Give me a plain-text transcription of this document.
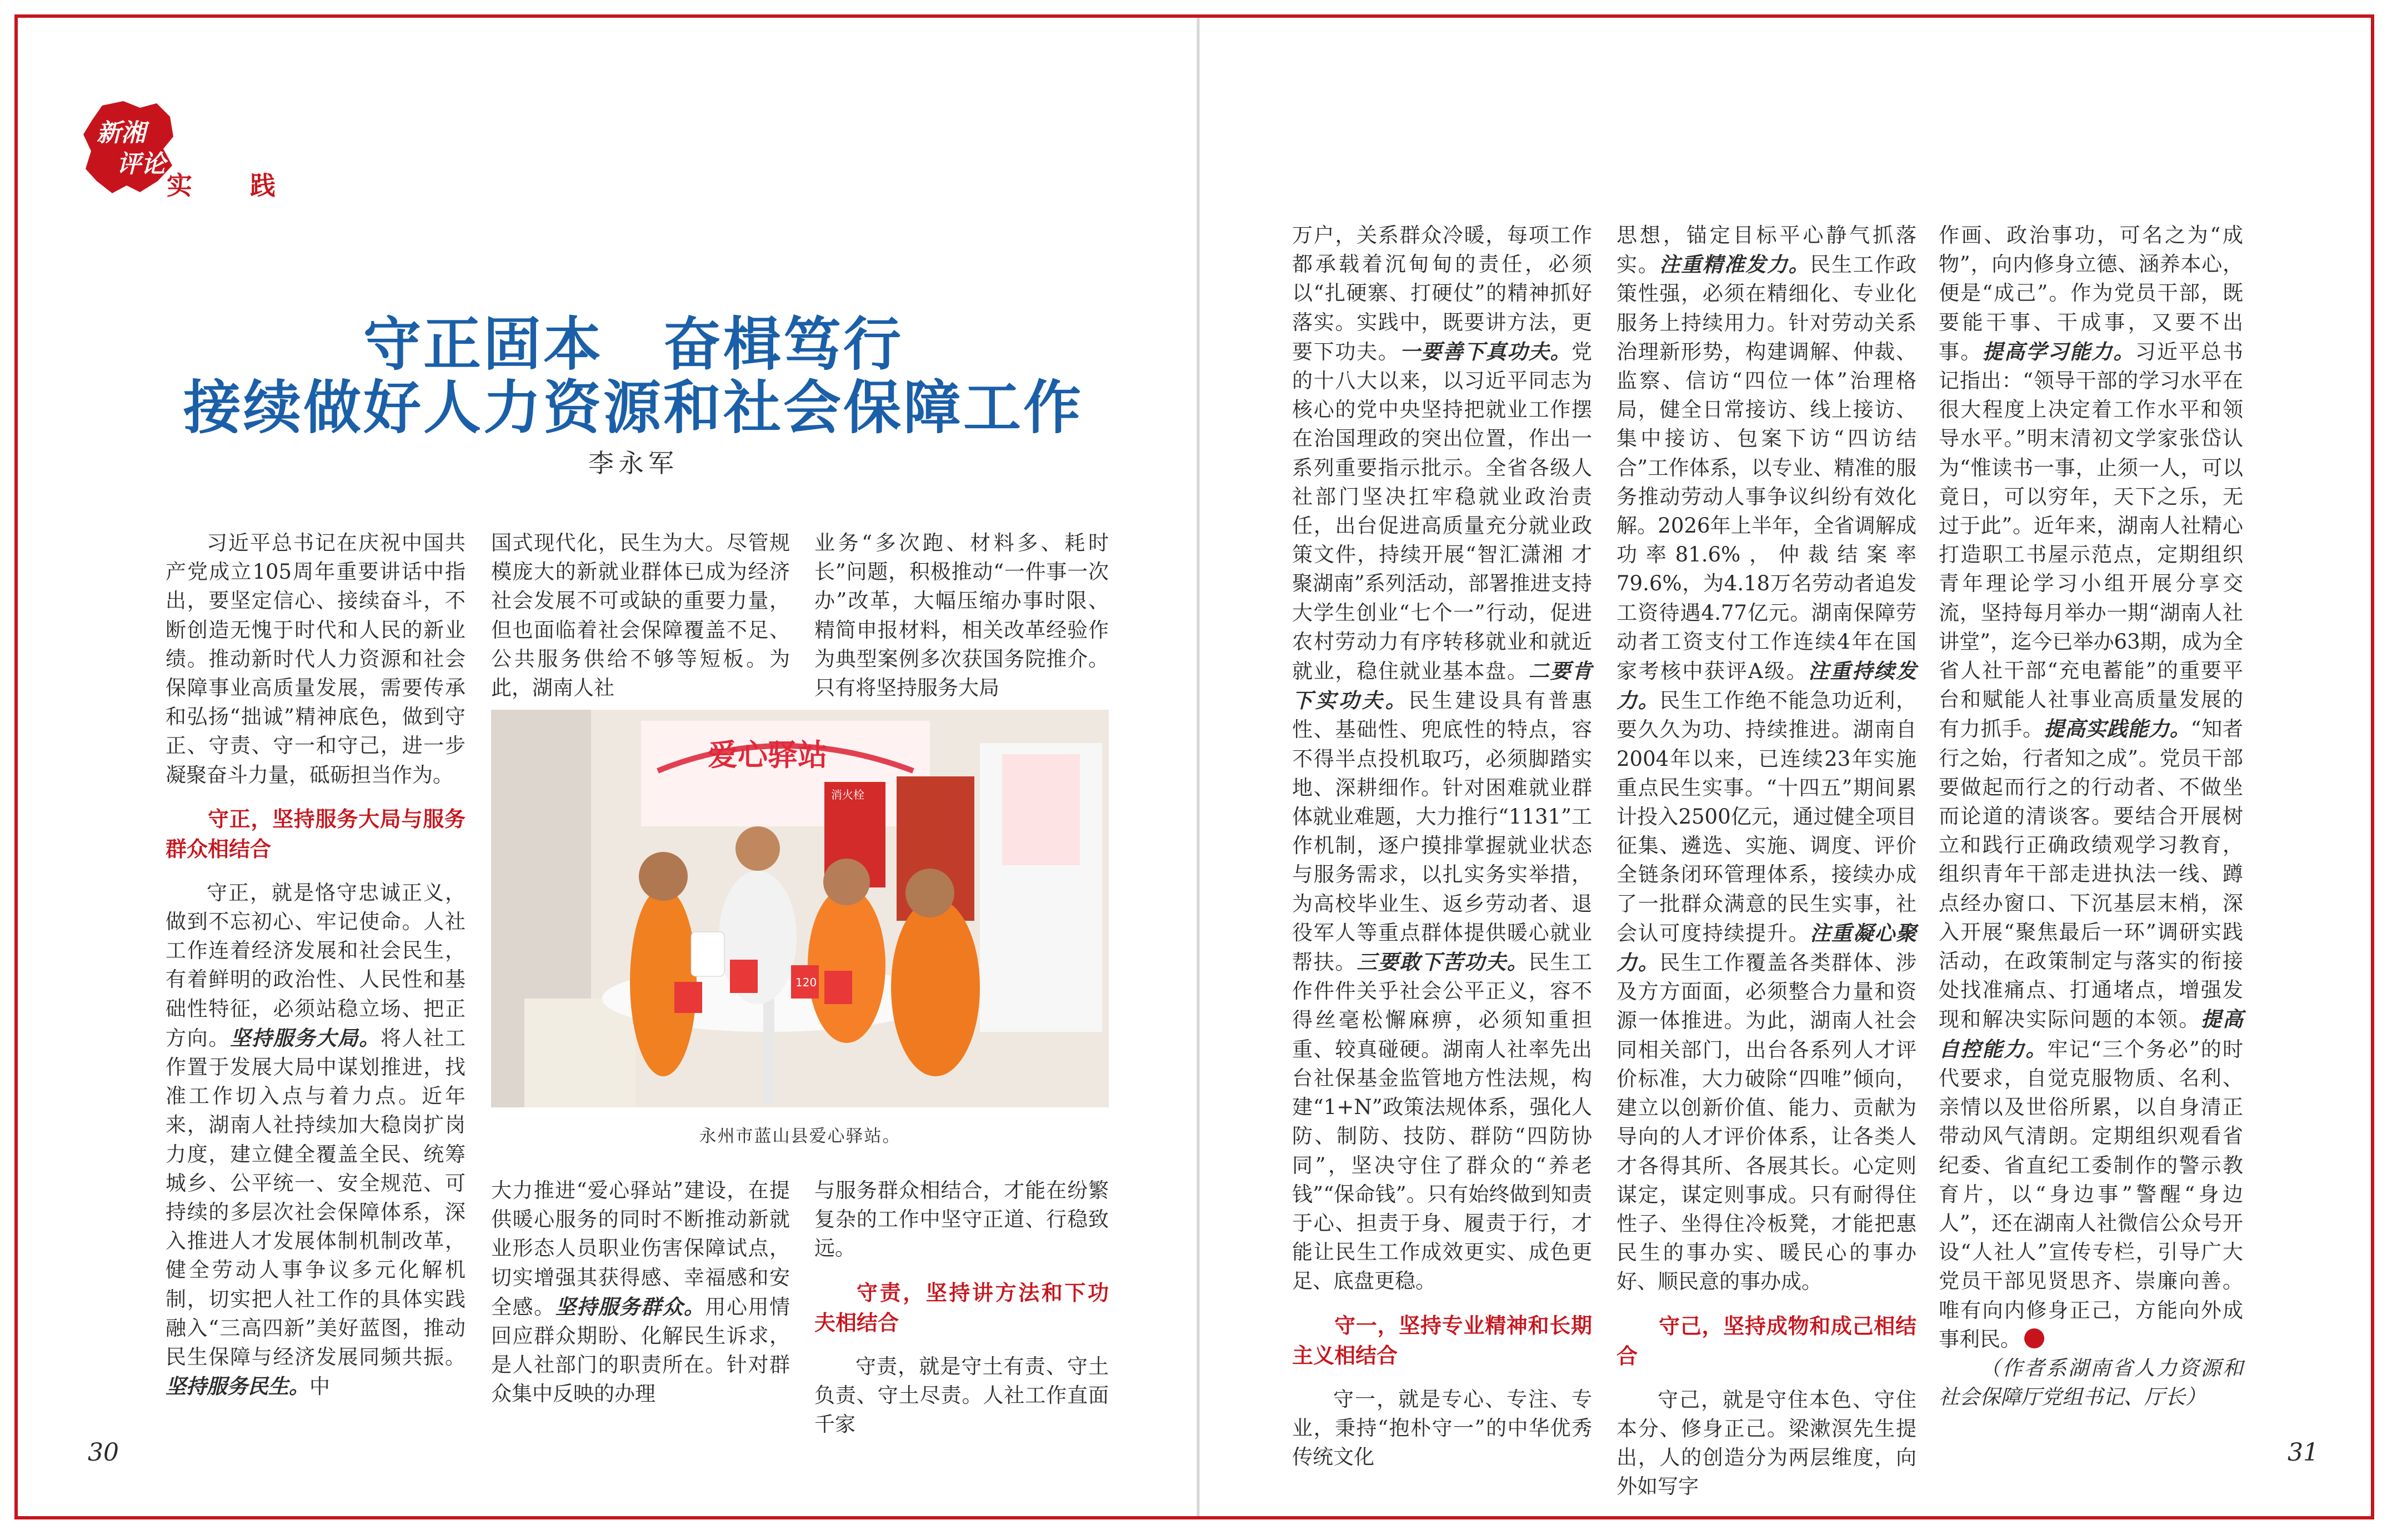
新湘
评论
实 践
守正固本　奋楫笃行
接续做好人力资源和社会保障工作
李永军

习近平总书记在庆祝中国共产党成立105周年重要讲话中指出，要坚定信心、接续奋斗，不断创造无愧于时代和人民的新业绩。推动新时代人力资源和社会保障事业高质量发展，需要传承和弘扬“拙诚”精神底色，做到守正、守责、守一和守己，进一步凝聚奋斗力量，砥砺担当作为。

守正，坚持服务大局与服务群众相结合

守正，就是恪守忠诚正义，做到不忘初心、牢记使命。人社工作连着经济发展和社会民生，有着鲜明的政治性、人民性和基础性特征，必须站稳立场、把正方向。坚持服务大局。将人社工作置于发展大局中谋划推进，找准工作切入点与着力点。近年来，湖南人社持续加大稳岗扩岗力度，建立健全覆盖全民、统筹城乡、公平统一、安全规范、可持续的多层次社会保障体系，深入推进人才发展体制机制改革，健全劳动人事争议多元化解机制，切实把人社工作的具体实践融入“三高四新”美好蓝图，推动民生保障与经济发展同频共振。坚持服务民生。中

国式现代化，民生为大。尽管规模庞大的新就业群体已成为经济社会发展不可或缺的重要力量，但也面临着社会保障覆盖不足、公共服务供给不够等短板。为此，湖南人社

业务“多次跑、材料多、耗时长”问题，积极推动“一件事一次办”改革，大幅压缩办事时限、精简申报材料，相关改革经验作为典型案例多次获国务院推介。只有将坚持服务大局

爱心驿站
消火栓
120
永州市蓝山县爱心驿站。

大力推进“爱心驿站”建设，在提供暖心服务的同时不断推动新就业形态人员职业伤害保障试点，切实增强其获得感、幸福感和安全感。坚持服务群众。用心用情回应群众期盼、化解民生诉求，是人社部门的职责所在。针对群众集中反映的办理

与服务群众相结合，才能在纷繁复杂的工作中坚守正道、行稳致远。

守责，坚持讲方法和下功夫相结合

守责，就是守土有责、守土负责、守土尽责。人社工作直面千家

万户，关系群众冷暖，每项工作都承载着沉甸甸的责任，必须以“扎硬寨、打硬仗”的精神抓好落实。实践中，既要讲方法，更要下功夫。一要善下真功夫。党的十八大以来，以习近平同志为核心的党中央坚持把就业工作摆在治国理政的突出位置，作出一系列重要指示批示。全省各级人社部门坚决扛牢稳就业政治责任，出台促进高质量充分就业政策文件，持续开展“智汇潇湘 才聚湖南”系列活动，部署推进支持大学生创业“七个一”行动，促进农村劳动力有序转移就业和就近就业，稳住就业基本盘。二要肯下实功夫。民生建设具有普惠性、基础性、兜底性的特点，容不得半点投机取巧，必须脚踏实地、深耕细作。针对困难就业群体就业难题，大力推行“1131”工作机制，逐户摸排掌握就业状态与服务需求，以扎实务实举措，为高校毕业生、返乡劳动者、退役军人等重点群体提供暖心就业帮扶。三要敢下苦功夫。民生工作件件关乎社会公平正义，容不得丝毫松懈麻痹，必须知重担重、较真碰硬。湖南人社率先出台社保基金监管地方性法规，构建“1+N”政策法规体系，强化人防、制防、技防、群防“四防协同”，坚决守住了群众的“养老钱”“保命钱”。只有始终做到知责于心、担责于身、履责于行，才能让民生工作成效更实、成色更足、底盘更稳。

守一，坚持专业精神和长期主义相结合

守一，就是专心、专注、专业，秉持“抱朴守一”的中华优秀传统文化

思想，锚定目标平心静气抓落实。注重精准发力。民生工作政策性强，必须在精细化、专业化服务上持续用力。针对劳动关系治理新形势，构建调解、仲裁、监察、信访“四位一体”治理格局，健全日常接访、线上接访、集中接访、包案下访“四访结合”工作体系，以专业、精准的服务推动劳动人事争议纠纷有效化解。2026年上半年，全省调解成功率81.6%，仲裁结案率79.6%，为4.18万名劳动者追发工资待遇4.77亿元。湖南保障劳动者工资支付工作连续4年在国家考核中获评A级。注重持续发力。民生工作绝不能急功近利，要久久为功、持续推进。湖南自2004年以来，已连续23年实施重点民生实事。“十四五”期间累计投入2500亿元，通过健全项目征集、遴选、实施、调度、评价全链条闭环管理体系，接续办成了一批群众满意的民生实事，社会认可度持续提升。注重凝心聚力。民生工作覆盖各类群体、涉及方方面面，必须整合力量和资源一体推进。为此，湖南人社会同相关部门，出台各系列人才评价标准，大力破除“四唯”倾向，建立以创新价值、能力、贡献为导向的人才评价体系，让各类人才各得其所、各展其长。心定则谋定，谋定则事成。只有耐得住性子、坐得住冷板凳，才能把惠民生的事办实、暖民心的事办好、顺民意的事办成。

守己，坚持成物和成己相结合

守己，就是守住本色、守住本分、修身正己。梁漱溟先生提出，人的创造分为两层维度，向外如写字

作画、政治事功，可名之为“成物”，向内修身立德、涵养本心，便是“成己”。作为党员干部，既要能干事、干成事，又要不出事。提高学习能力。习近平总书记指出：“领导干部的学习水平在很大程度上决定着工作水平和领导水平。”明末清初文学家张岱认为“惟读书一事，止须一人，可以竟日，可以穷年，天下之乐，无过于此”。近年来，湖南人社精心打造职工书屋示范点，定期组织青年理论学习小组开展分享交流，坚持每月举办一期“湖南人社讲堂”，迄今已举办63期，成为全省人社干部“充电蓄能”的重要平台和赋能人社事业高质量发展的有力抓手。提高实践能力。“知者行之始，行者知之成”。党员干部要做起而行之的行动者、不做坐而论道的清谈客。要结合开展树立和践行正确政绩观学习教育，组织青年干部走进执法一线、蹲点经办窗口、下沉基层末梢，深入开展“聚焦最后一环”调研实践活动，在政策制定与落实的衔接处找准痛点、打通堵点，增强发现和解决实际问题的本领。提高自控能力。牢记“三个务必”的时代要求，自觉克服物质、名利、亲情以及世俗所累，以自身清正带动风气清朗。定期组织观看省纪委、省直纪工委制作的警示教育片，以“身边事”警醒“身边人”，还在湖南人社微信公众号开设“人社人”宣传专栏，引导广大党员干部见贤思齐、崇廉向善。唯有向内修身正己，方能向外成事利民。

（作者系湖南省人力资源和社会保障厅党组书记、厅长）

30	31
